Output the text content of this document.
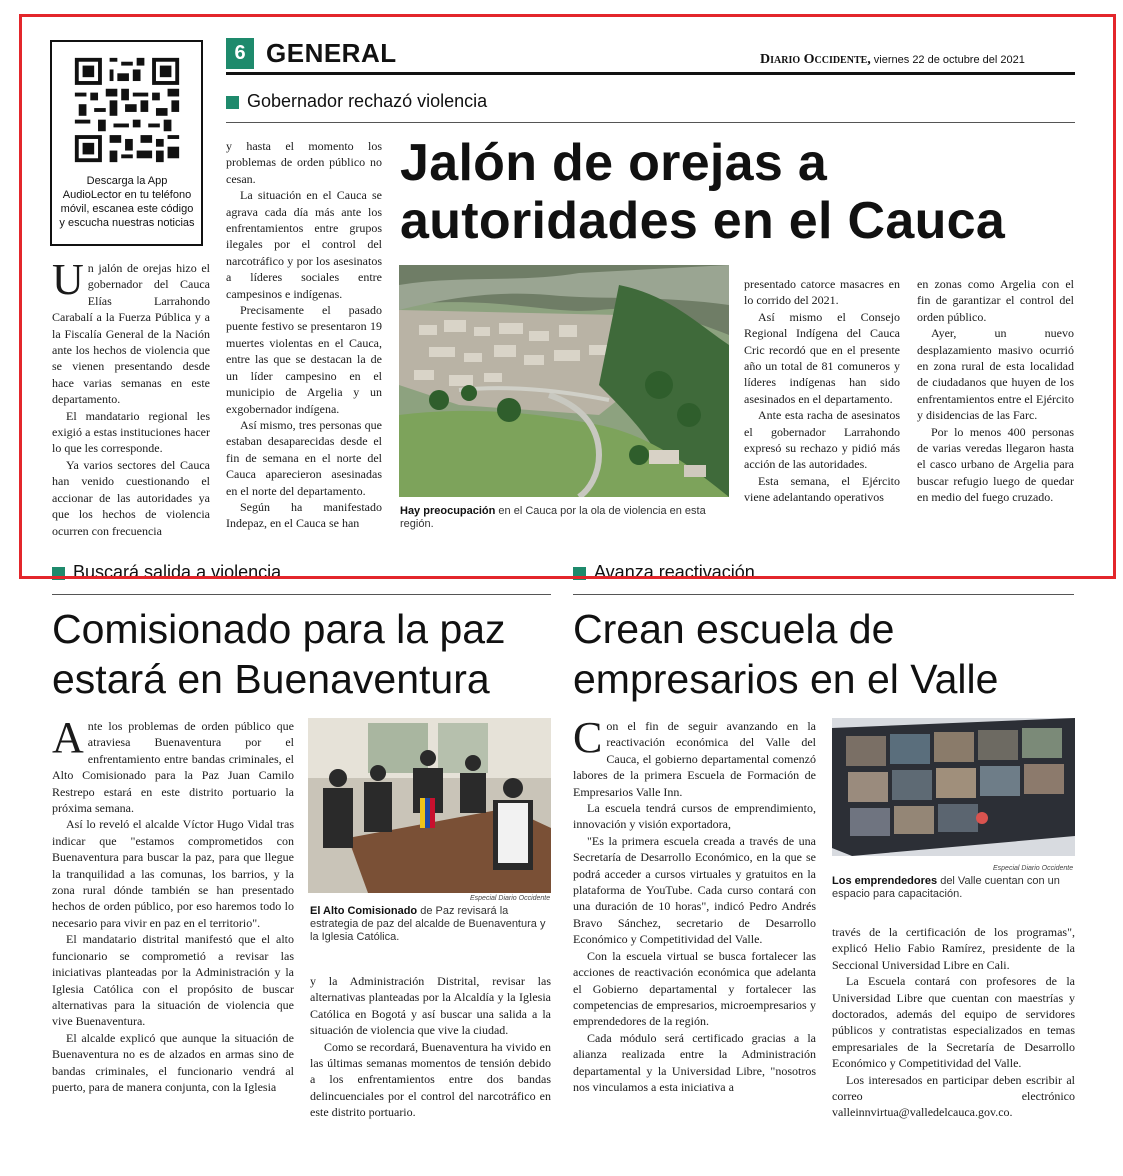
6 GENERAL	Diario Occidente, viernes 22 de octubre del 2021
Descarga la App AudioLector en tu teléfono móvil, escanea este código y escucha nuestras noticias
Gobernador rechazó violencia
Jalón de orejas a
autoridades en el Cauca
Hay preocupación en el Cauca por la ola de violencia en esta región.

Un jalón de orejas hizo el gobernador del Cauca Elías Larrahondo Carabalí a la Fuerza Pública y a la Fiscalía General de la Nación ante los hechos de violencia que se vienen presentando desde hace varias semanas en este departamento.

El mandatario regional les exigió a estas instituciones hacer lo que les corresponde.

Ya varios sectores del Cauca han venido cuestionando el accionar de las autoridades ya que los hechos de violencia ocurren con frecuencia

y hasta el momento los problemas de orden público no cesan.

La situación en el Cauca se agrava cada día más ante los enfrentamientos entre grupos ilegales por el control del narcotráfico y por los asesinatos a líderes sociales entre campesinos e indígenas.

Precisamente el pasado puente festivo se presentaron 19 muertes violentas en el Cauca, entre las que se destacan la de un líder campesino en el municipio de Argelia y un exgobernador indígena.

Así mismo, tres personas que estaban desaparecidas desde el fin de semana en el norte del Cauca aparecieron asesinadas en el norte del departamento.

Según ha manifestado Indepaz, en el Cauca se han

presentado catorce masacres en lo corrido del 2021.

Así mismo el Consejo Regional Indígena del Cauca Cric recordó que en el presente año un total de 81 comuneros y líderes indígenas han sido asesinados en el departamento.

Ante esta racha de asesinatos el gobernador Larrahondo expresó su rechazo y pidió más acción de las autoridades.

Esta semana, el Ejército viene adelantando operativos

en zonas como Argelia con el fin de garantizar el control del orden público.

Ayer, un nuevo desplazamiento masivo ocurrió en zona rural de esta localidad de ciudadanos que huyen de los enfrentamientos entre el Ejército y disidencias de las Farc.

Por lo menos 400 personas de varias veredas llegaron hasta el casco urbano de Argelia para buscar refugio luego de quedar en medio del fuego cruzado.

Buscará salida a violencia
Comisionado para la paz
estará en Buenaventura
Especial Diario Occidente
El Alto Comisionado de Paz revisará la estrategia de paz del alcalde de Buenaventura y la Iglesia Católica.

Ante los problemas de orden público que atraviesa Buenaventura por el enfrentamiento entre bandas criminales, el Alto Comisionado para la Paz Juan Camilo Restrepo estará en este distrito portuario la próxima semana.

Así lo reveló el alcalde Víctor Hugo Vidal tras indicar que "estamos comprometidos con Buenaventura para buscar la paz, para que llegue la tranquilidad a las comunas, los barrios, y la zona rural dónde también se han presentado hechos de orden público, por eso haremos todo lo necesario para vivir en paz en el territorio".

El mandatario distrital manifestó que el alto funcionario se comprometió a revisar las iniciativas planteadas por la Administración y la Iglesia Católica con el propósito de buscar alternativas para la situación de violencia que vive Buenaventura.

El alcalde explicó que aunque la situación de Buenaventura no es de alzados en armas sino de bandas criminales, el funcionario vendrá al puerto, para de manera conjunta, con la Iglesia

y la Administración Distrital, revisar las alternativas planteadas por la Alcaldía y la Iglesia Católica en Bogotá y así buscar una salida a la situación de violencia que vive la ciudad.

Como se recordará, Buenaventura ha vivido en las últimas semanas momentos de tensión debido a los enfrentamientos entre dos bandas delincuenciales por el control del narcotráfico en este distrito portuario.

Avanza reactivación
Crean escuela de
empresarios en el Valle
Especial Diario Occidente
Los emprendedores del Valle cuentan con un espacio para capacitación.

Con el fin de seguir avanzando en la reactivación económica del Valle del Cauca, el gobierno departamental comenzó labores de la primera Escuela de Formación de Empresarios Valle Inn.

La escuela tendrá cursos de emprendimiento, innovación y visión exportadora,

"Es la primera escuela creada a través de una Secretaría de Desarrollo Económico, en la que se podrá acceder a cursos virtuales y gratuitos en la plataforma de YouTube. Cada curso contará con una duración de 10 horas", indicó Pedro Andrés Bravo Sánchez, secretario de Desarrollo Económico y Competitividad del Valle.

Con la escuela virtual se busca fortalecer las acciones de reactivación económica que adelanta el Gobierno departamental y fortalecer las competencias de empresarios, microempresarios y emprendedores de la región.

Cada módulo será certificado gracias a la alianza realizada entre la Administración departamental y la Universidad Libre, "nosotros nos vinculamos a esta iniciativa a

través de la certificación de los programas", explicó Helio Fabio Ramírez, presidente de la Seccional Universidad Libre en Cali.

La Escuela contará con profesores de la Universidad Libre que cuentan con maestrías y doctorados, además del equipo de servidores públicos y contratistas especializados en temas empresariales de la Secretaría de Desarrollo Económico y Competitividad del Valle.

Los interesados en participar deben escribir al correo electrónico valleinnvirtua@valledelcauca.gov.co.
